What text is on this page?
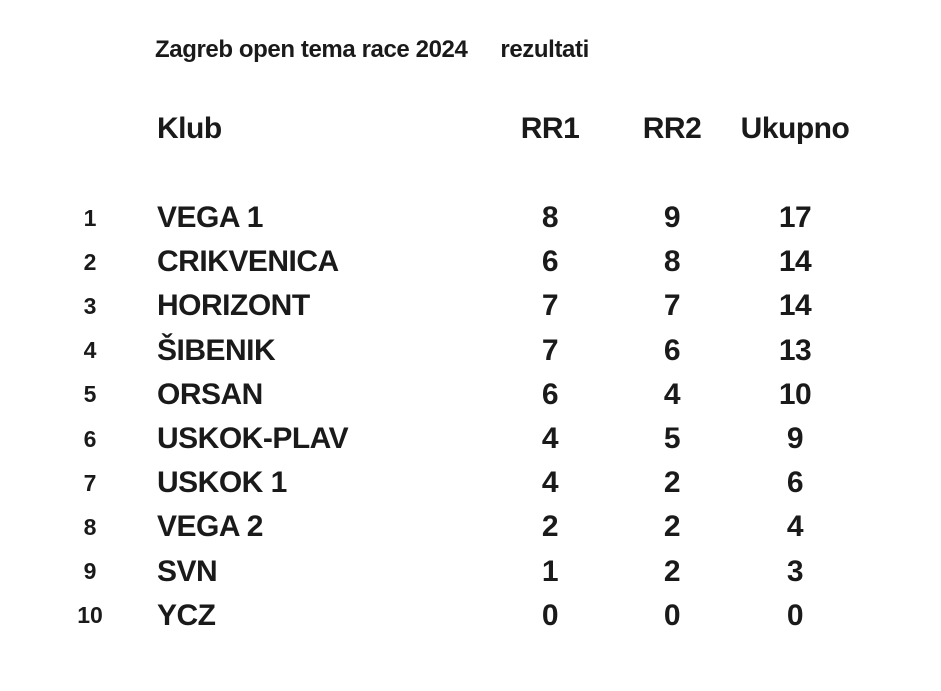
Zagreb open tema race 2024 rezultati
Klub	RR1	RR2	Ukupno
1	VEGA 1	8	9	17
2	CRIKVENICA	6	8	14
3	HORIZONT	7	7	14
4	ŠIBENIK	7	6	13
5	ORSAN	6	4	10
6	USKOK-PLAV	4	5	9
7	USKOK 1	4	2	6
8	VEGA 2	2	2	4
9	SVN	1	2	3
10	YCZ	0	0	0
